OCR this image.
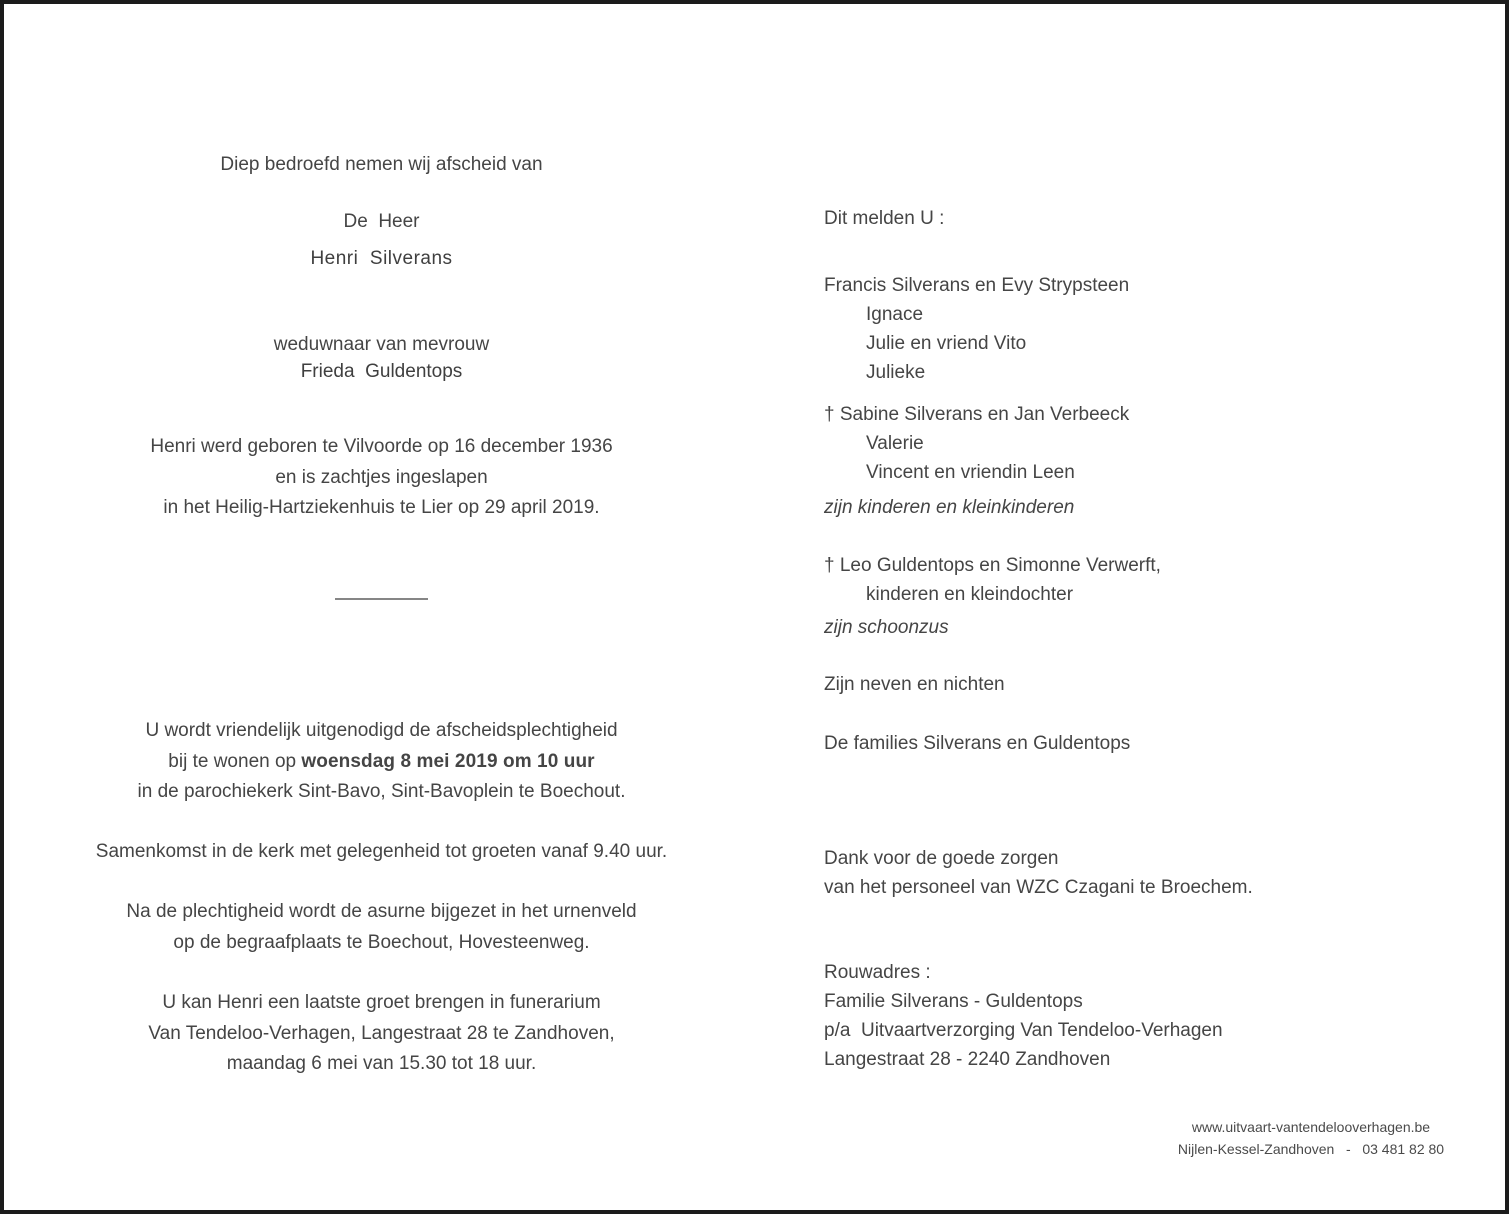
Diep bedroefd nemen wij afscheid van
De  Heer
Henri  Silverans
weduwnaar van mevrouw
Frieda  Guldentops
Henri werd geboren te Vilvoorde op 16 december 1936
en is zachtjes ingeslapen
in het Heilig-Hartziekenhuis te Lier op 29 april 2019.
U wordt vriendelijk uitgenodigd de afscheidsplechtigheid
bij te wonen op woensdag 8 mei 2019 om 10 uur
in de parochiekerk Sint-Bavo, Sint-Bavoplein te Boechout.
Samenkomst in de kerk met gelegenheid tot groeten vanaf 9.40 uur.
Na de plechtigheid wordt de asurne bijgezet in het urnenveld
op de begraafplaats te Boechout, Hovesteenweg.
U kan Henri een laatste groet brengen in funerarium
Van Tendeloo-Verhagen, Langestraat 28 te Zandhoven,
maandag 6 mei van 15.30 tot 18 uur.
Dit melden U :
Francis Silverans en Evy Strypsteen
Ignace
Julie en vriend Vito
Julieke
† Sabine Silverans en Jan Verbeeck
Valerie
Vincent en vriendin Leen
zijn kinderen en kleinkinderen
† Leo Guldentops en Simonne Verwerft,
kinderen en kleindochter
zijn schoonzus
Zijn neven en nichten
De families Silverans en Guldentops
Dank voor de goede zorgen
van het personeel van WZC Czagani te Broechem.
Rouwadres :
Familie Silverans - Guldentops
p/a  Uitvaartverzorging Van Tendeloo-Verhagen
Langestraat 28 - 2240 Zandhoven
www.uitvaart-vantendelooverhagen.be
Nijlen-Kessel-Zandhoven   -   03 481 82 80
